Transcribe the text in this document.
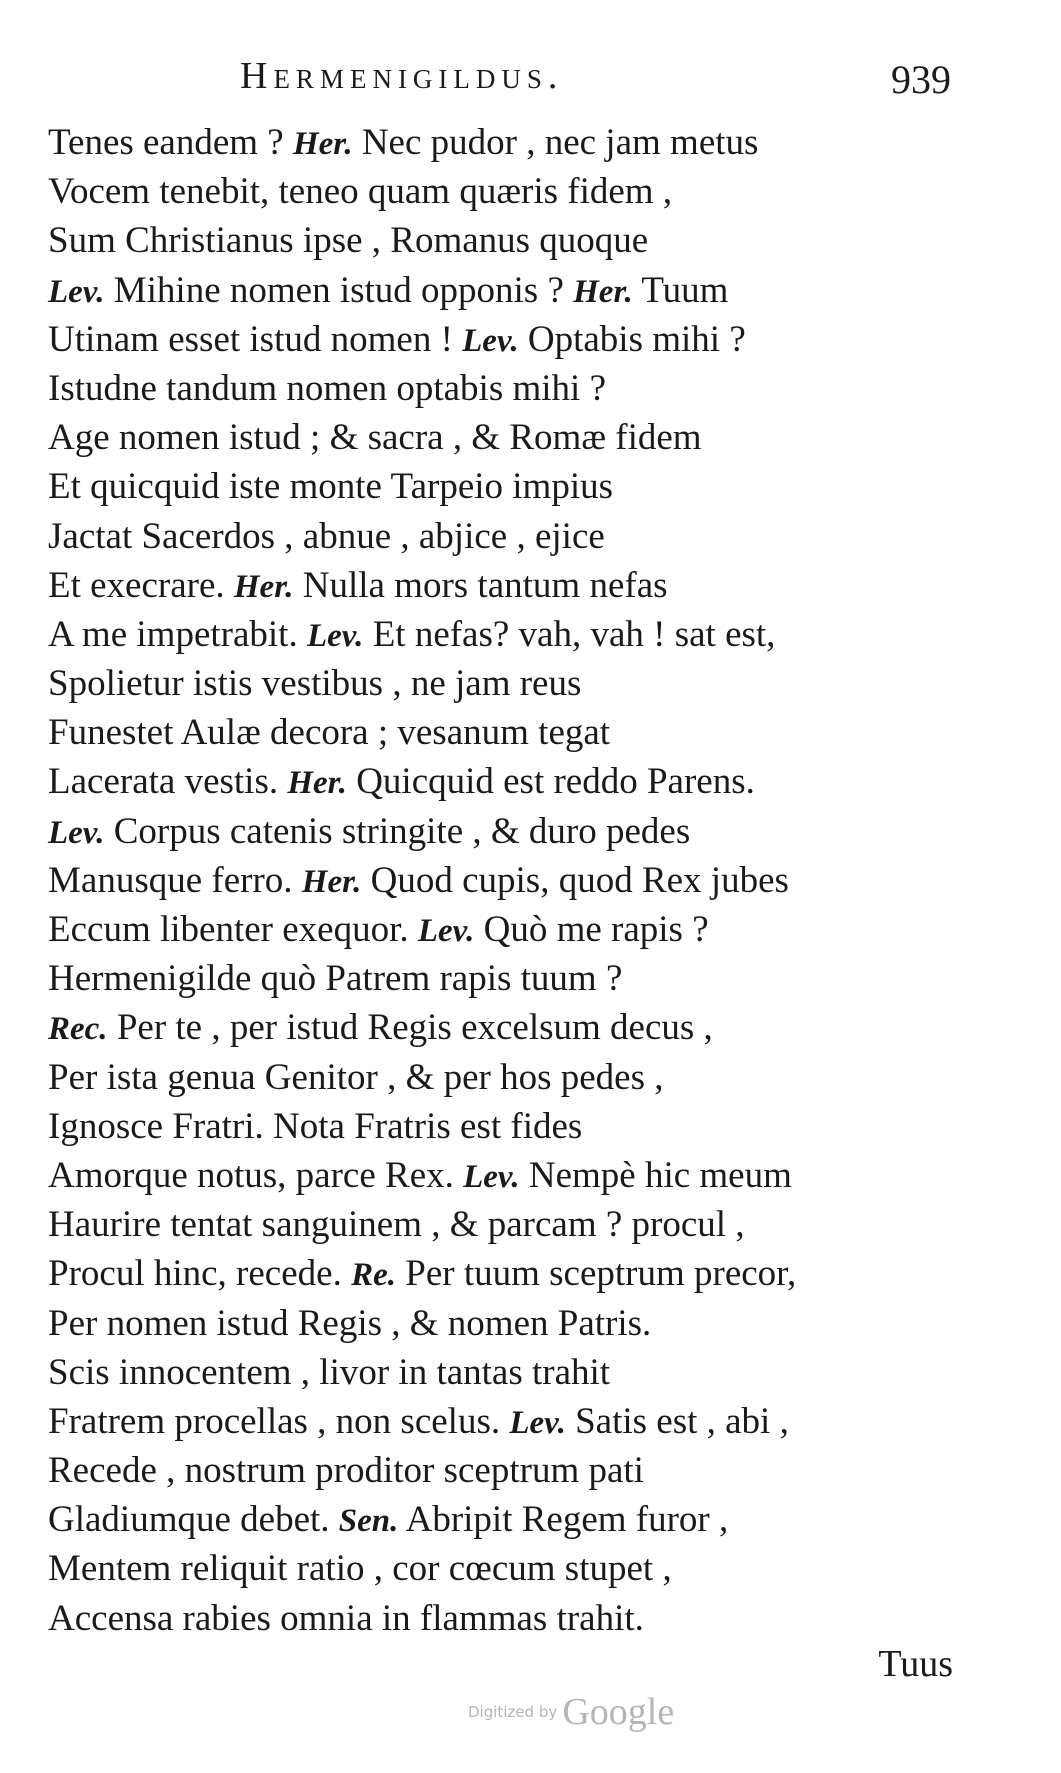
Hermenigildus.	939
Tenes eandem ? Her. Nec pudor , nec jam metus
Vocem tenebit, teneo quam quæris fidem ,
Sum Christianus ipse , Romanus quoque
Lev. Mihine nomen istud opponis ? Her. Tuum
Utinam esset istud nomen ! Lev. Optabis mihi ?
Istudne tandum nomen optabis mihi ?
Age nomen istud ; & sacra , & Romæ fidem
Et quicquid iste monte Tarpeio impius
Jactat Sacerdos , abnue , abjice , ejice
Et execrare. Her. Nulla mors tantum nefas
A me impetrabit. Lev. Et nefas? vah, vah ! sat est,
Spolietur istis vestibus , ne jam reus
Funestet Aulæ decora ; vesanum tegat
Lacerata vestis. Her. Quicquid est reddo Parens.
Lev. Corpus catenis stringite , & duro pedes
Manusque ferro. Her. Quod cupis, quod Rex jubes
Eccum libenter exequor. Lev. Quò me rapis ?
Hermenigilde quò Patrem rapis tuum ?
Rec. Per te , per istud Regis excelsum decus ,
Per ista genua Genitor , & per hos pedes ,
Ignosce Fratri. Nota Fratris est fides
Amorque notus, parce Rex. Lev. Nempè hic meum
Haurire tentat sanguinem , & parcam ? procul ,
Procul hinc, recede. Re. Per tuum sceptrum precor,
Per nomen istud Regis , & nomen Patris.
Scis innocentem , livor in tantas trahit
Fratrem procellas , non scelus. Lev. Satis est , abi ,
Recede , nostrum proditor sceptrum pati
Gladiumque debet. Sen. Abripit Regem furor ,
Mentem reliquit ratio , cor cœcum stupet ,
Accensa rabies omnia in flammas trahit.
Tuus
Digitized by Google
